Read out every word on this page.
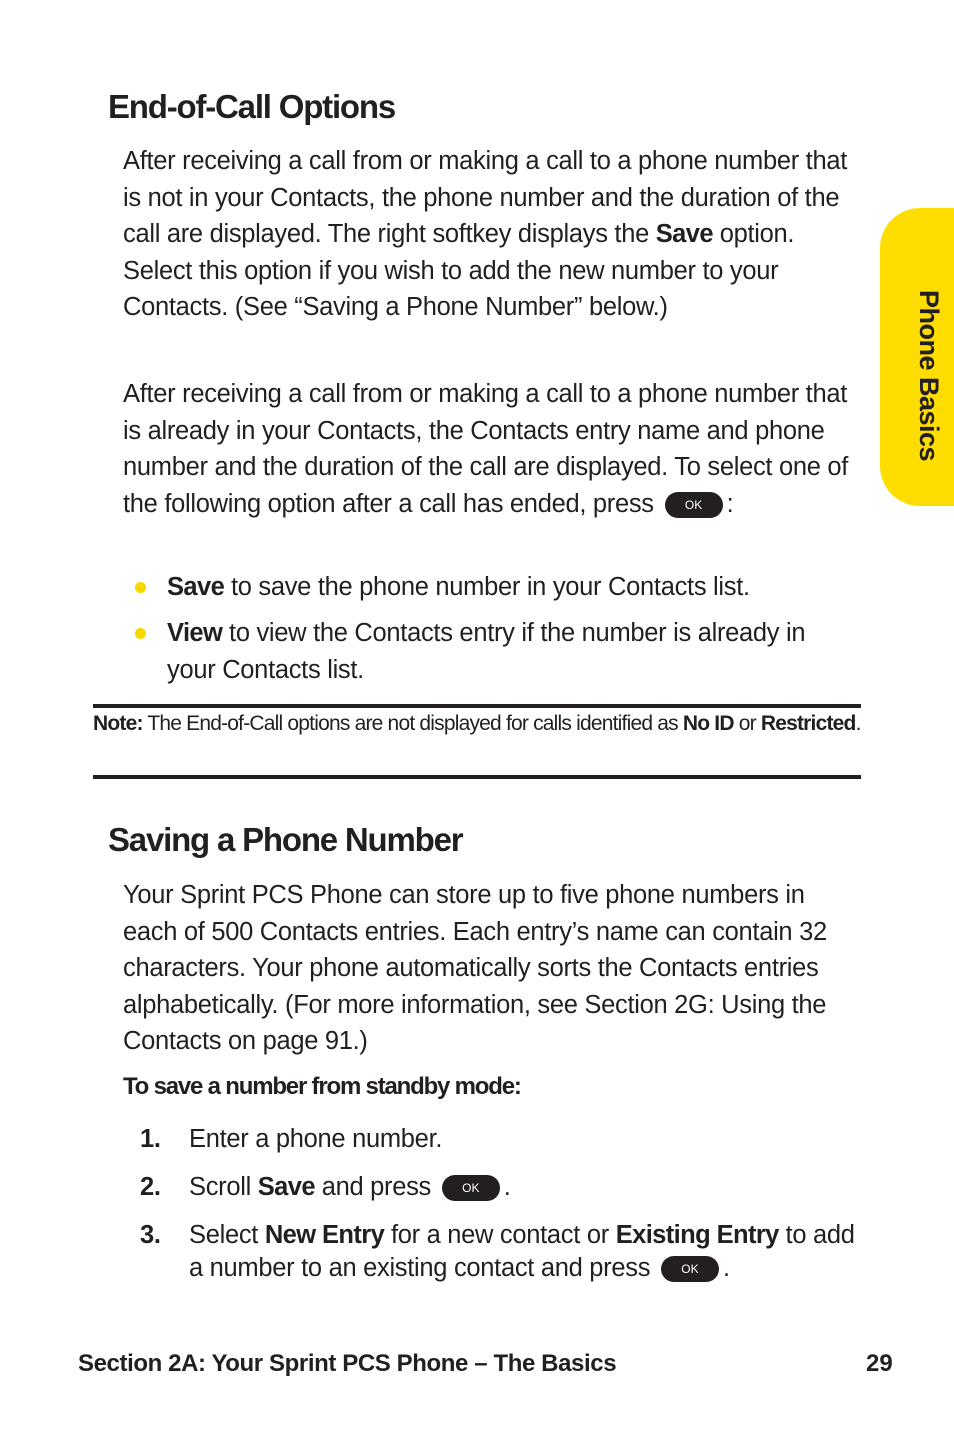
End-of-Call Options

After receiving a call from or making a call to a phone number that is not in your Contacts, the phone number and the duration of the call are displayed. The right softkey displays the Save option. Select this option if you wish to add the new number to your Contacts. (See “Saving a Phone Number” below.)

After receiving a call from or making a call to a phone number that is already in your Contacts, the Contacts entry name and phone number and the duration of the call are displayed. To select one of the following option after a call has ended, press	OK :

Save to save the phone number in your Contacts list.
View to view the Contacts entry if the number is already in your Contacts list.

Note: The End-of-Call options are not displayed for calls identified as No ID or Restricted.

Saving a Phone Number

Your Sprint PCS Phone can store up to five phone numbers in each of 500 Contacts entries. Each entry’s name can contain 32 characters. Your phone automatically sorts the Contacts entries alphabetically. (For more information, see Section 2G: Using the Contacts on page 91.)

To save a number from standby mode:

1. Enter a phone number.
2. Scroll Save and press	OK .
3. Select New Entry for a new contact or Existing Entry to add a number to an existing contact and press	OK .
Phone Basics
Section 2A: Your Sprint PCS Phone – The Basics	29
